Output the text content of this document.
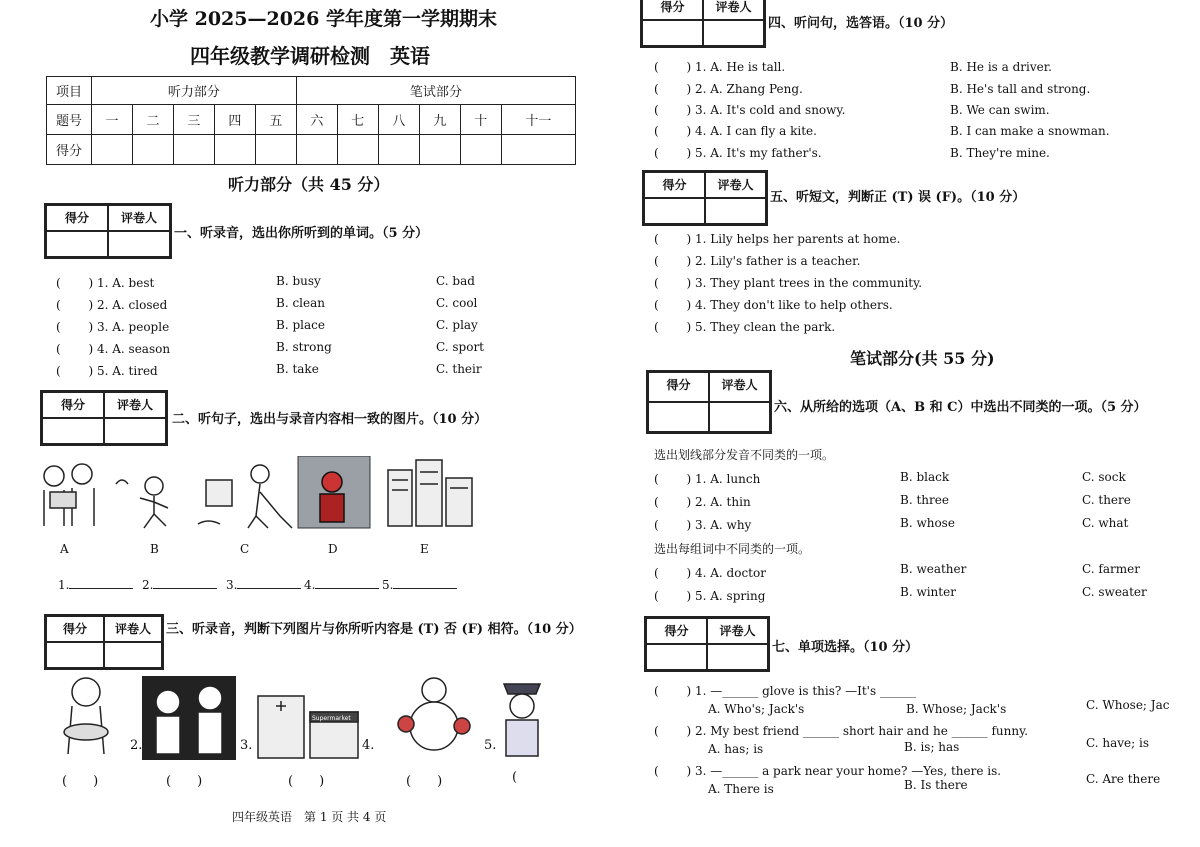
小学 2025—2026 学年度第一学期期末
四年级教学调研检测　英语
项目	听力部分					笔试部分					
题号	一	二	三	四	五	六	七	八	九	十	十一
得分											
听力部分（共 45 分）
得分	评卷人
一、听录音，选出你所听到的单词。（5 分）
( 　　) 1. A. best	B. busy	C. bad
( 　　) 2. A. closed	B. clean	C. cool
( 　　) 3. A. people	B. place	C. play
( 　　) 4. A. season	B. strong	C. sport
( 　　) 5. A. tired	B. take	C. their
得分	评卷人
二、听句子，选出与录音内容相一致的图片。（10 分）
A	B	C	D	E
1.	2.	3.	4.	5.
得分	评卷人	三、听录音，判断下列图片与你所听内容是 (T) 否 (F) 相符。（10 分）
Supermarket
2.	3.	4.	5.
(　　)	(　　)	(　　)	(　　)	(
四年级英语　第 1 页 共 4 页
得分	评卷人
四、听问句，选答语。（10 分）
( 　　) 1. A. He is tall.	B. He is a driver.
( 　　) 2. A. Zhang Peng.	B. He's tall and strong.
( 　　) 3. A. It's cold and snowy.	B. We can swim.
( 　　) 4. A. I can fly a kite.	B. I can make a snowman.
( 　　) 5. A. It's my father's.	B. They're mine.
得分	评卷人
五、听短文，判断正 (T) 误 (F)。（10 分）
( 　　) 1. Lily helps her parents at home.
( 　　) 2. Lily's father is a teacher.
( 　　) 3. They plant trees in the community.
( 　　) 4. They don't like to help others.
( 　　) 5. They clean the park.
笔试部分(共 55 分)
得分	评卷人
六、从所给的选项（A、B 和 C）中选出不同类的一项。（5 分）
选出划线部分发音不同类的一项。
( 　　) 1. A. lunch	B. black	C. sock
( 　　) 2. A. thin	B. three	C. there
( 　　) 3. A. why	B. whose	C. what
选出每组词中不同类的一项。
( 　　) 4. A. doctor	B. weather	C. farmer
( 　　) 5. A. spring	B. winter	C. sweater
得分	评卷人
七、单项选择。（10 分）
( 　　) 1. —______ glove is this? —It's ______
A. Who's; Jack's	B. Whose; Jack's	C. Whose; Jac
( 　　) 2. My best friend ______ short hair and he ______ funny.
A. has; is	B. is; has	C. have; is
( 　　) 3. —______ a park near your home? —Yes, there is.
A. There is	B. Is there	C. Are there
